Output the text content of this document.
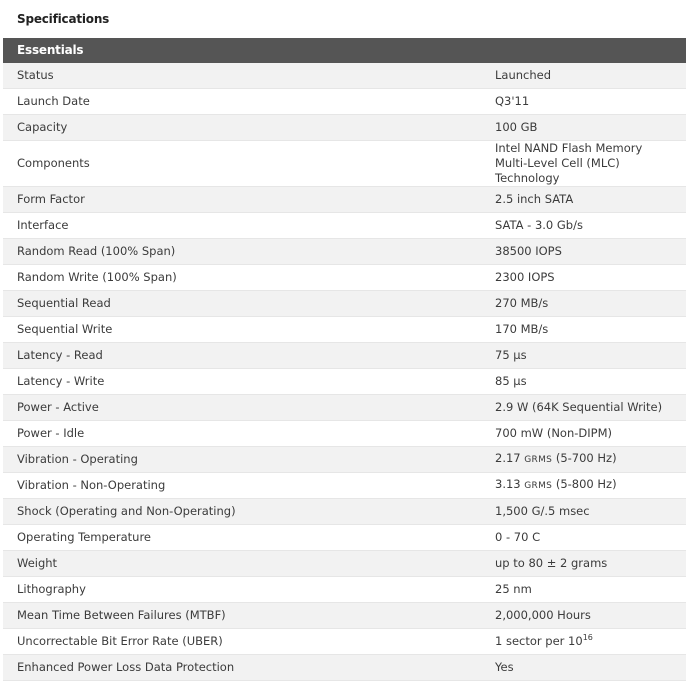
Specifications
Essentials
Status	Launched
Launch Date	Q3'11
Capacity	100 GB
Components	Intel NAND Flash Memory
Multi-Level Cell (MLC) Technology

Form Factor	2.5 inch SATA
Interface	SATA - 3.0 Gb/s
Random Read (100% Span)	38500 IOPS
Random Write (100% Span)	2300 IOPS
Sequential Read	270 MB/s
Sequential Write	170 MB/s
Latency - Read	75 µs
Latency - Write	85 µs
Power - Active	2.9 W (64K Sequential Write)
Power - Idle	700 mW (Non-DIPM)
Vibration - Operating	2.17 GRMS (5-700 Hz)
Vibration - Non-Operating	3.13 GRMS (5-800 Hz)
Shock (Operating and Non-Operating)	1,500 G/.5 msec
Operating Temperature	0 - 70 C
Weight	up to 80 ± 2 grams
Lithography	25 nm
Mean Time Between Failures (MTBF)	2,000,000 Hours
Uncorrectable Bit Error Rate (UBER)	1 sector per $10^{16}$
Enhanced Power Loss Data Protection	Yes
